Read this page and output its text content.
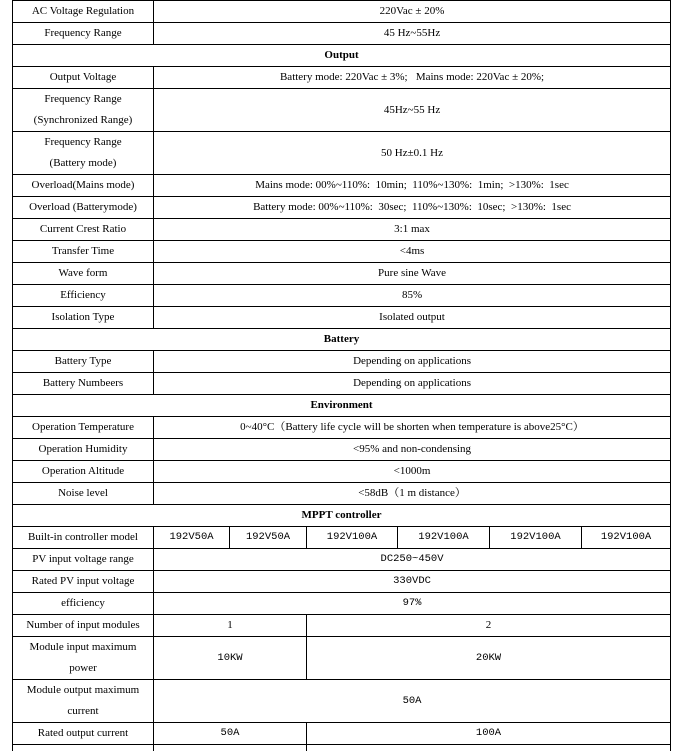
AC Voltage Regulation	220Vac ± 20%					
Frequency Range	45 Hz~55Hz					
Output						
Output Voltage	Battery mode: 220Vac ± 3%;   Mains mode: 220Vac ± 20%;					

Frequency Range
(Synchronized Range)	45Hz~55 Hz					

Frequency Range
(Battery mode)	50 Hz±0.1 Hz					
Overload(Mains mode)	Mains mode: 00%~110%:  10min;  110%~130%:  1min;  >130%:  1sec					
Overload (Batterymode)	Battery mode: 00%~110%:  30sec;  110%~130%:  10sec;  >130%:  1sec					
Current Crest Ratio	3:1 max					
Transfer Time	<4ms					
Wave form	Pure sine Wave					
Efficiency	85%					
Isolation Type	Isolated output					
Battery						
Battery Type	Depending on applications					
Battery Numbeers	Depending on applications					
Environment						
Operation Temperature	0~40°C（Battery life cycle will be shorten when temperature is above25°C）					
Operation Humidity	<95% and non-condensing					
Operation Altitude	<1000m					
Noise level	<58dB（1 m distance）					
MPPT controller						
Built-in controller model	192V50A	192V50A	192V100A	192V100A	192V100A	192V100A
PV input voltage range	DC250~450V					
Rated PV input voltage	330VDC					
efficiency	97%					
Number of input modules	1		2			
Module input maximum power	10KW		20KW			

Module output maximum
current	50A					
Rated output current	50A		100A			
